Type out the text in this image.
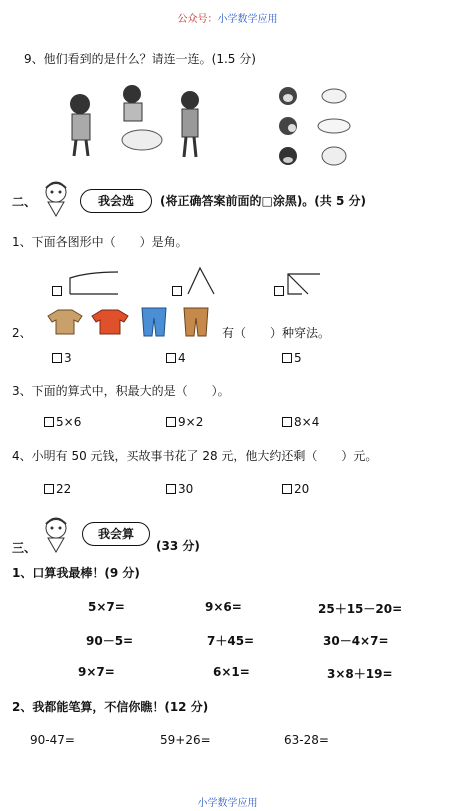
公众号：小学数学应用
9、他们看到的是什么？请连一连。(1.5 分)
二、	我会选	(将正确答案前面的□涂黑)。(共 5 分)
1、下面各图形中（　　）是角。
2、	有（　　）种穿法。
3	4	5
3、下面的算式中，积最大的是（　　）。
5×6	9×2	8×4
4、小明有 50 元钱，买故事书花了 28 元，他大约还剩（　　）元。
22	30	20
三、
我会算
(33 分)
1、口算我最棒！(9 分)
5×7=	9×6=	25＋15－20=
90－5=	7＋45=	30－4×7=
9×7=	6×1=	3×8＋19=
2、我都能笔算，不信你瞧！(12 分)
90-47=	59+26=	63-28=
小学数学应用
